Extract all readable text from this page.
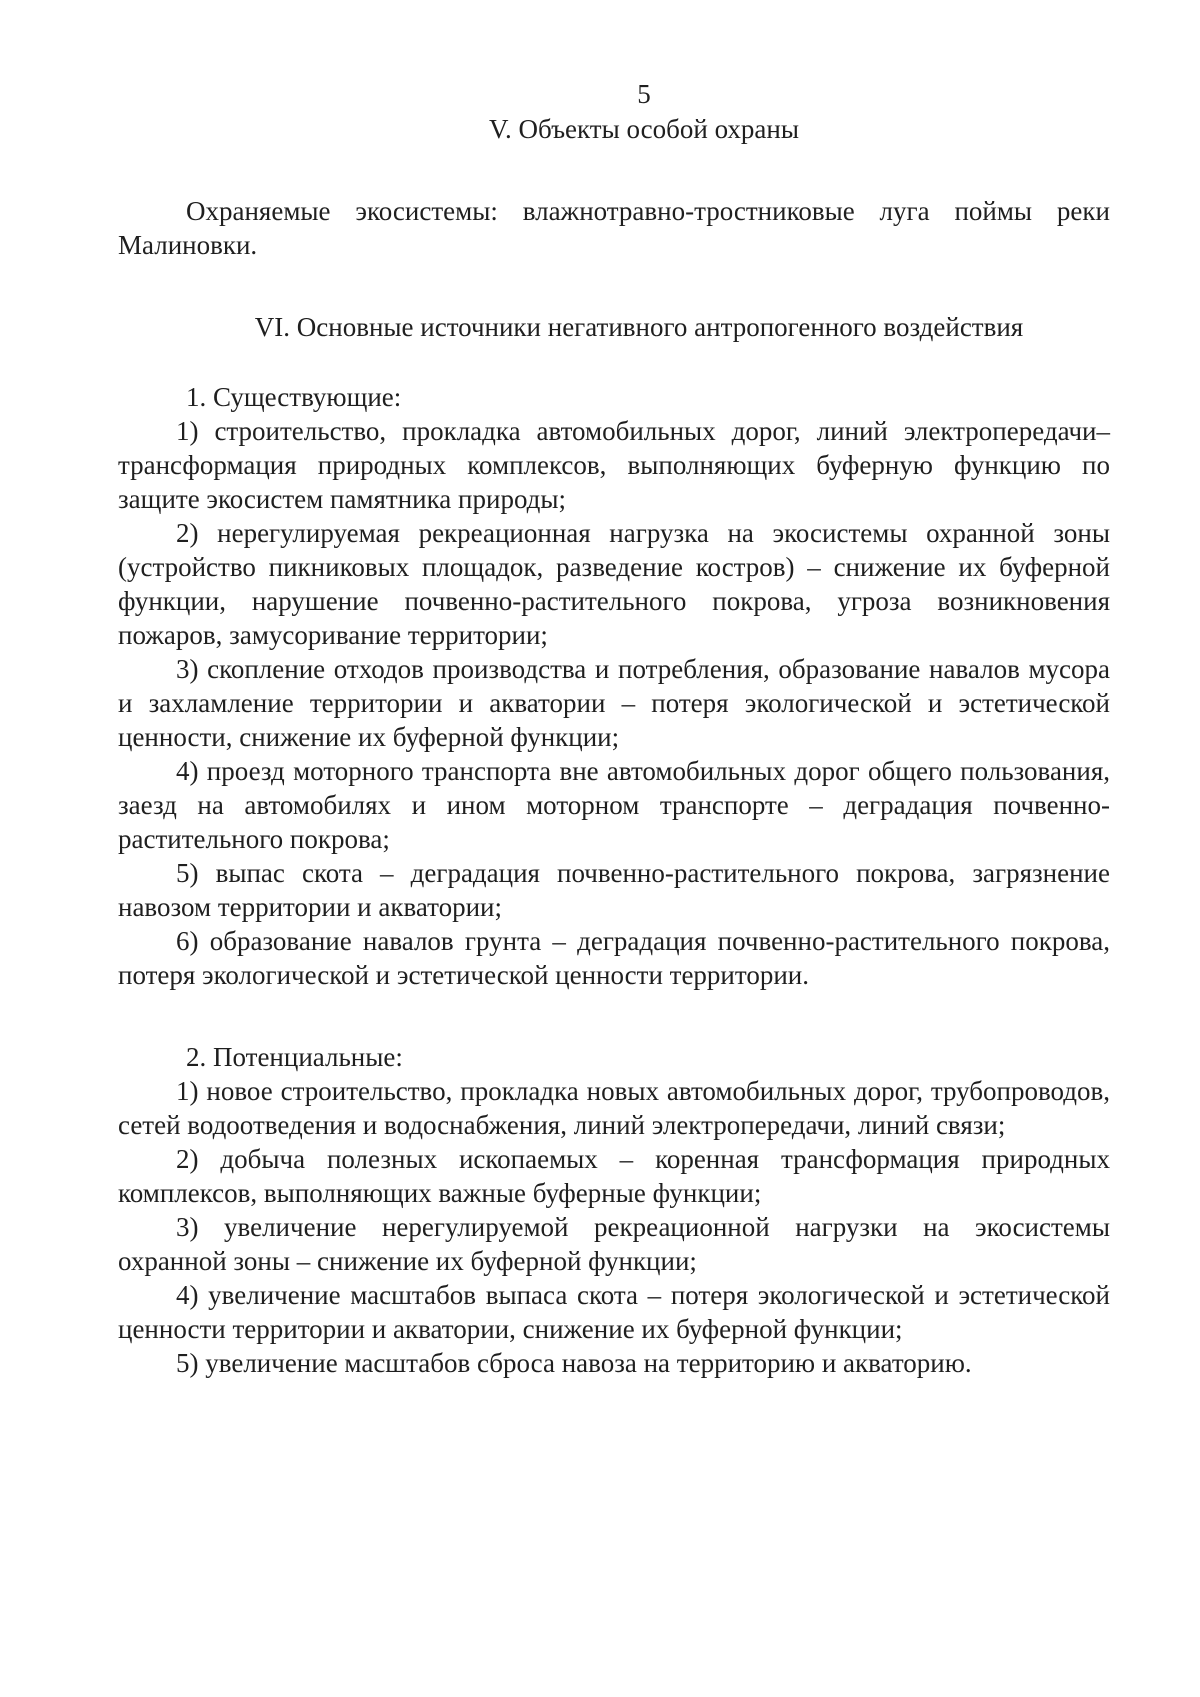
5
V. Объекты особой охраны

Охраняемые экосистемы: влажнотравно-тростниковые луга поймы реки Малиновки.

VI. Основные источники негативного антропогенного воздействия

1. Существующие:

1) строительство, прокладка автомобильных дорог, линий электропередачи– трансформация природных комплексов, выполняющих буферную функцию по защите экосистем памятника природы;

2) нерегулируемая рекреационная нагрузка на экосистемы охранной зоны (устройство пикниковых площадок, разведение костров) – снижение их буферной функции, нарушение почвенно-растительного покрова, угроза возникновения пожаров, замусоривание территории;

3) скопление отходов производства и потребления, образование навалов мусора и захламление территории и акватории – потеря экологической и эстетической ценности, снижение их буферной функции;

4) проезд моторного транспорта вне автомобильных дорог общего пользования, заезд на автомобилях и ином моторном транспорте – деградация почвенно-растительного покрова;

5) выпас скота – деградация почвенно-растительного покрова, загрязнение навозом территории и акватории;

6) образование навалов грунта – деградация почвенно-растительного покрова, потеря экологической и эстетической ценности территории.

2. Потенциальные:

1) новое строительство, прокладка новых автомобильных дорог, трубопроводов, сетей водоотведения и водоснабжения, линий электропередачи, линий связи;

2) добыча полезных ископаемых – коренная трансформация природных комплексов, выполняющих важные буферные функции;

3) увеличение нерегулируемой рекреационной нагрузки на экосистемы охранной зоны – снижение их буферной функции;

4) увеличение масштабов выпаса скота – потеря экологической и эстетической ценности территории и акватории, снижение их буферной функции;

5) увеличение масштабов сброса навоза на территорию и акваторию.
